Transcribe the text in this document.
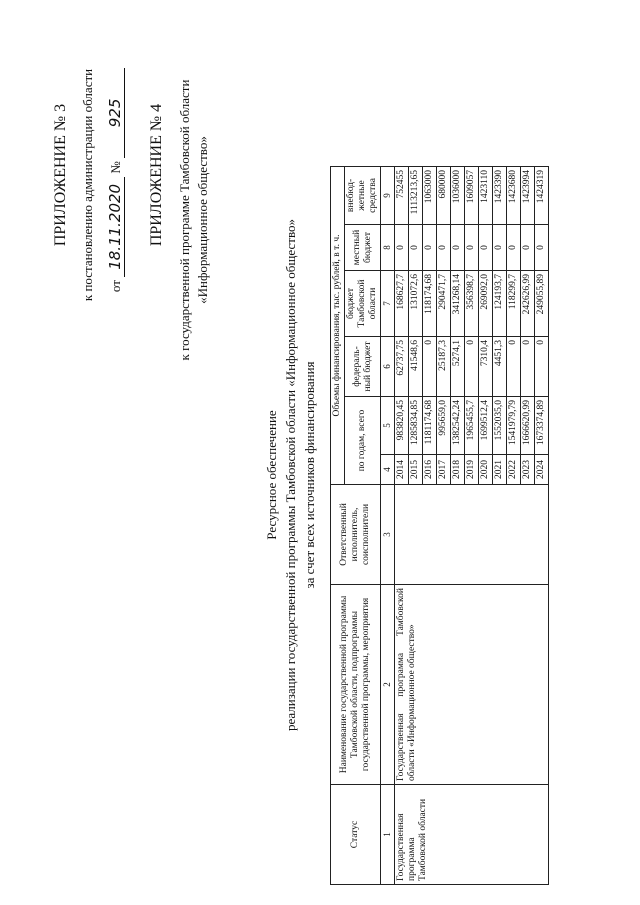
ПРИЛОЖЕНИЕ № 3 к постановлению администрации области от 18.11.2020 № 925 ПРИЛОЖЕНИЕ № 4 к государственной программе Тамбовской области «Информационное общество»
Ресурсное обеспечение реализации государственной программы Тамбовской области «Информационное общество» за счет всех источников финансирования
Статус	Наименование государственной программы Тамбовской области, подпрограммы государственной программы, мероприятия	Ответственный исполнитель, соисполнители	Объемы финансирования, тыс. рублей, в т. ч.					
			по годам, всего		федераль-ный бюджет	бюджет Тамбовской области	местный бюджет	внебюд-жетные средства
1	2	3	4	5	6	7	8	9
Государственная программа Тамбовской области	Государственная программа Тамбовской области «Информационное общество»		2014	983820,45	62737,75	168627,7	0	752455
			2015	1285834,85	41548,6	131072,6	0	1113213,65
			2016	1181174,68	0	118174,68	0	1063000
			2017	995659,0	25187,3	290471,7	0	680000
			2018	1382542,24	5274,1	341268,14	0	1036000
			2019	1965455,7	0	356398,7	0	1609057
			2020	1699512,4	7310,4	269092,0	0	1423110
			2021	1552035,0	4451,3	124193,7	0	1423390
			2022	1541979,79	0	118299,7	0	1423680
			2023	1666620,99	0	242626,99	0	1423994
			2024	1673374,89	0	249055,89	0	1424319
